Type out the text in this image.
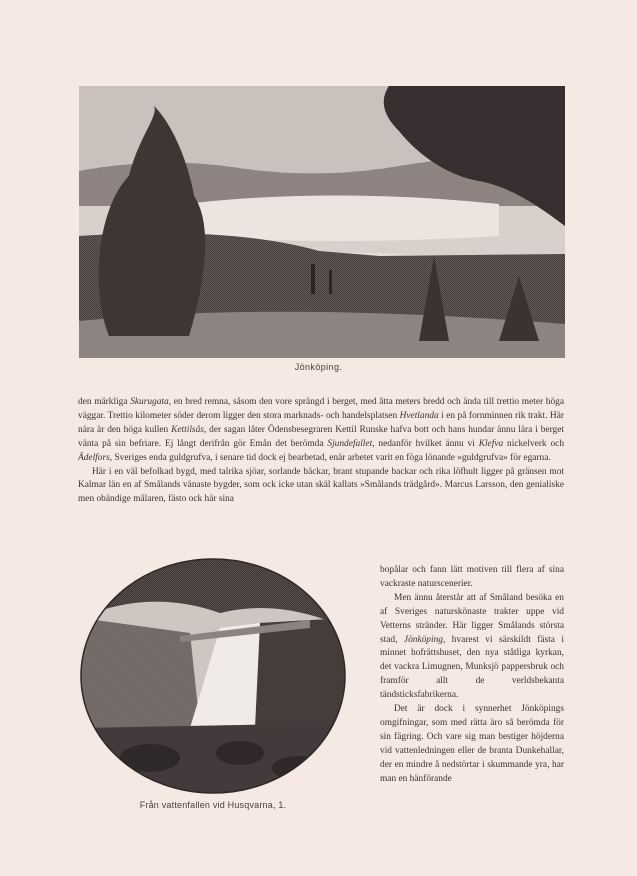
Jönköping.

den märkliga Skurugata, en bred remna, såsom den vore sprängd i berget, med åtta meters bredd och ända till trettio meter höga väggar. Trettio kilometer söder derom ligger den stora marknads- och handelsplatsen Hvetlanda i en på fornminnen rik trakt. Här nära är den höga kullen Kettilsås, der sagan låter Ödensbesegraren Kettil Runske hafva bott och hans hundar ännu lära i berget vänta på sin befriare. Ej långt derifrån gör Emån det berömda Sjundefallet, nedanför hvilket ännu vi Klefva nickelverk och Ädelfors, Sveriges enda guldgrufva, i senare tid dock ej bearbetad, enär arbetet varit en föga lönande »guldgrufva» för egarna.

Här i en väl befolkad bygd, med talrika sjöar, sorlande bäckar, brant stupande backar och rika löfhult ligger på gränsen mot Kalmar län en af Smålands vänaste bygder, som ock icke utan skäl kallats »Smålands trädgård». Marcus Larsson, den genialiske men obändige målaren, fästo ock här sina

bopålar och fann lätt motiven till flera af sina vackraste naturscenerier.

Men ännu återstår att af Småland besöka en af Sveriges naturskönaste trakter uppe vid Vetterns stränder. Här ligger Smålands största stad, Jönköping, hvarest vi särskildt fästa i minnet hofrättshuset, den nya ståtliga kyrkan, det vackra Limugnen, Munksjö pappersbruk och framför allt de verldsbekanta tändsticksfabrikerna.

Det är dock i synnerhet Jönköpings omgifningar, som med rätta äro så berömda för sin fägring. Och vare sig man bestiger höjderna vid vattenledningen eller de branta Dunkehallar, der en mindre å nedstörtar i skummande yra, har man en hänförande

Från vattenfallen vid Husqvarna, 1.
